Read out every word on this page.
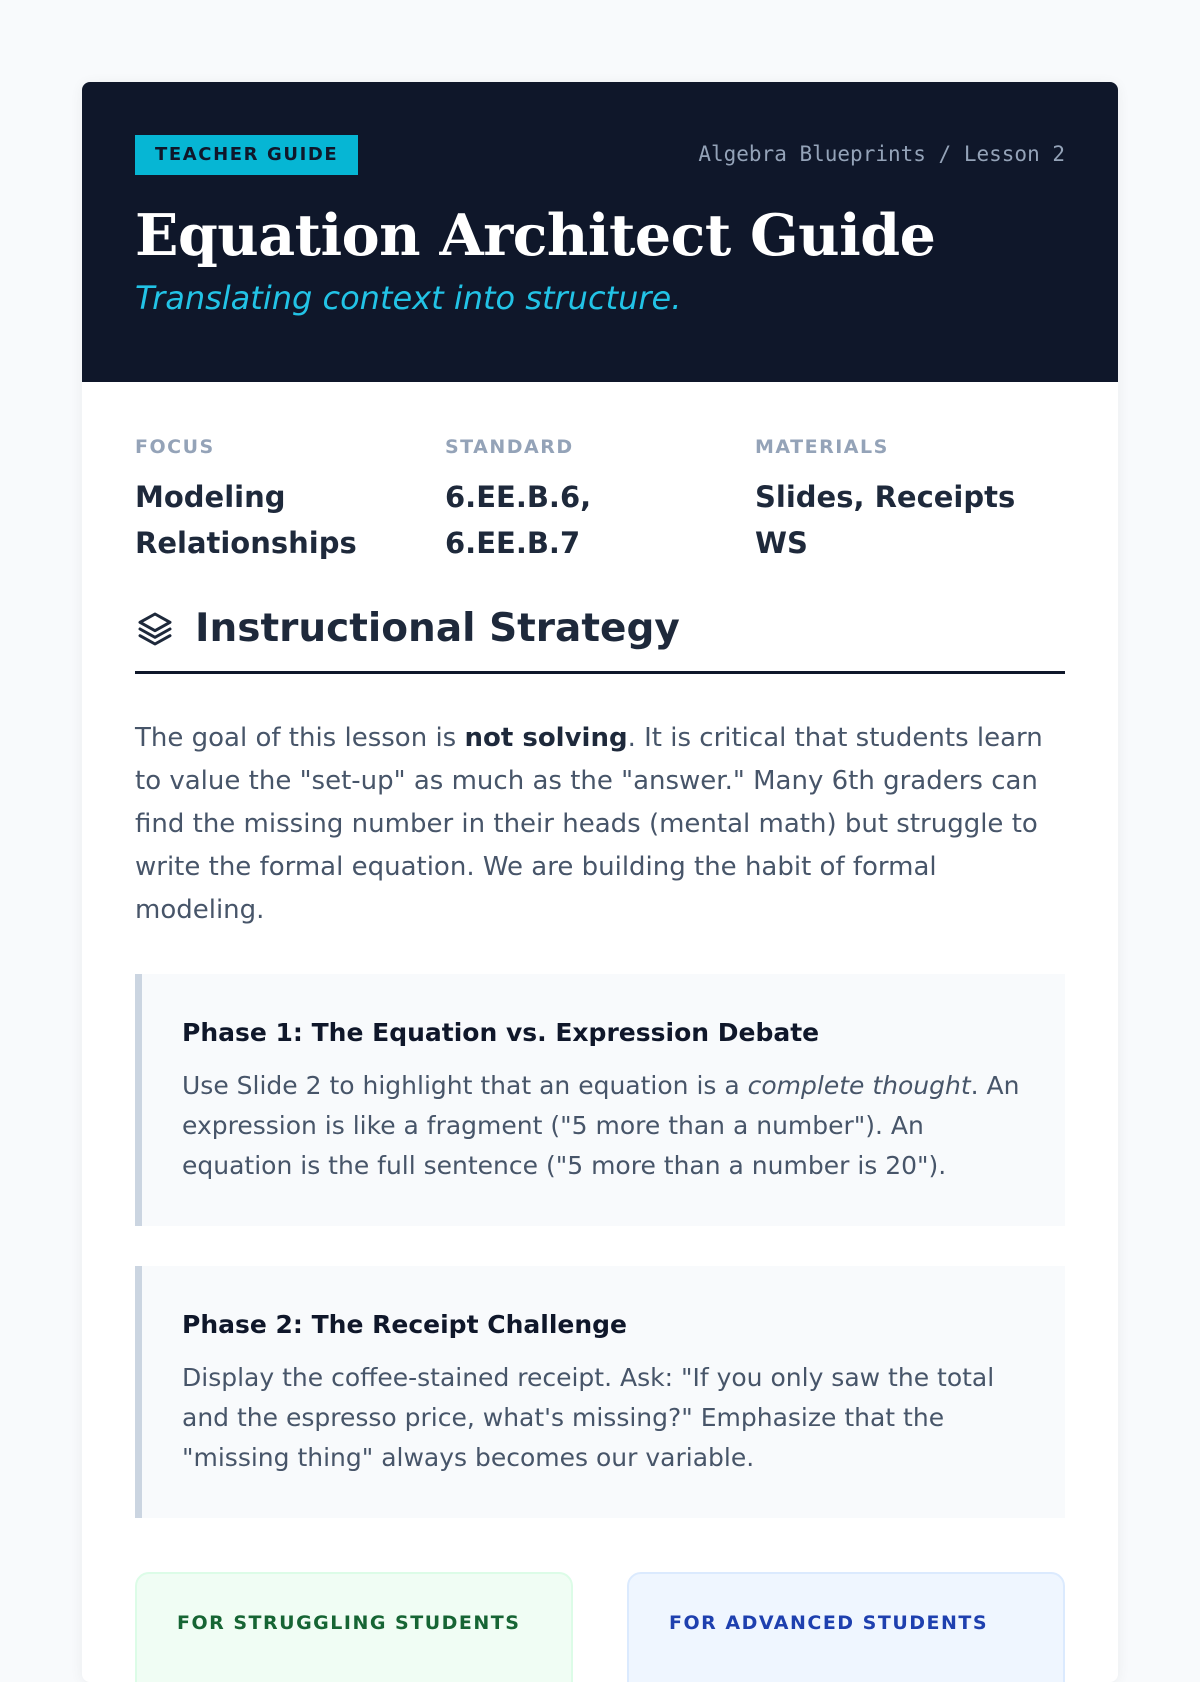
TEACHER GUIDE	Algebra Blueprints / Lesson 2
Equation Architect Guide
Translating context into structure.
FOCUS
Modeling Relationships
STANDARD
6.EE.B.6, 6.EE.B.7
MATERIALS
Slides, Receipts WS
Instructional Strategy

The goal of this lesson is not solving. It is critical that students learn to value the "set-up" as much as the "answer." Many 6th graders can find the missing number in their heads (mental math) but struggle to write the formal equation. We are building the habit of formal modeling.

Phase 1: The Equation vs. Expression Debate

Use Slide 2 to highlight that an equation is a complete thought. An expression is like a fragment ("5 more than a number"). An equation is the full sentence ("5 more than a number is 20").

Phase 2: The Receipt Challenge

Display the coffee-stained receipt. Ask: "If you only saw the total and the espresso price, what's missing?" Emphasize that the "missing thing" always becomes our variable.

FOR STRUGGLING STUDENTS	FOR ADVANCED STUDENTS
